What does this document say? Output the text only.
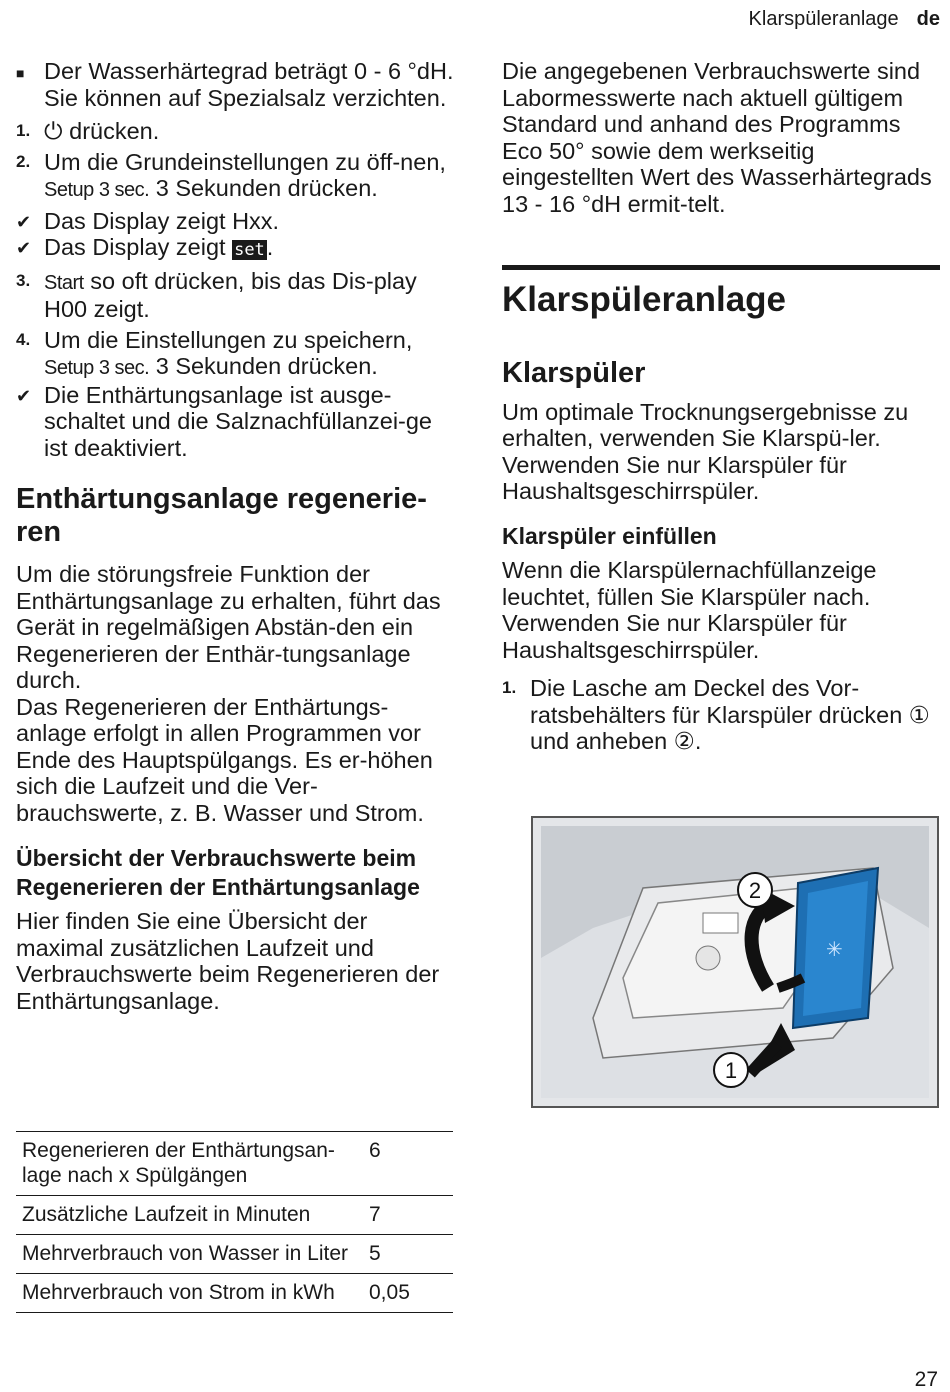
Klarspüleranlage de
■ Der Wasserhärtegrad beträgt 0 - 6 °dH. Sie können auf Spezialsalz verzichten.
1. ⏻ drücken.
2. Um die Grundeinstellungen zu öff-nen, Setup 3 sec. 3 Sekunden drücken.
✔ Das Display zeigt Hxx.
✔ Das Display zeigt set.
3. Start so oft drücken, bis das Dis-play H00 zeigt.
4. Um die Einstellungen zu speichern, Setup 3 sec. 3 Sekunden drücken.
✔ Die Enthärtungsanlage ist ausge-schaltet und die Salznachfüllanzei-ge ist deaktiviert.
Enthärtungsanlage regenerie-ren
Um die störungsfreie Funktion der Enthärtungsanlage zu erhalten, führt das Gerät in regelmäßigen Abstän-den ein Regenerieren der Enthär-tungsanlage durch.
Das Regenerieren der Enthärtungs-anlage erfolgt in allen Programmen vor Ende des Hauptspülgangs. Es er-höhen sich die Laufzeit und die Ver-brauchswerte, z. B. Wasser und Strom.
Übersicht der Verbrauchswerte beim Regenerieren der Enthärtungsanlage
Hier finden Sie eine Übersicht der maximal zusätzlichen Laufzeit und Verbrauchswerte beim Regenerieren der Enthärtungsanlage.
Regenerieren der Enthärtungsan-lage nach x Spülgängen	6
Zusätzliche Laufzeit in Minuten	7
Mehrverbrauch von Wasser in Liter	5
Mehrverbrauch von Strom in kWh	0,05
Die angegebenen Verbrauchswerte sind Labormesswerte nach aktuell gültigem Standard und anhand des Programms Eco 50° sowie dem werkseitig eingestellten Wert des Wasserhärtegrads 13 - 16 °dH ermit-telt.
Klarspüleranlage
Klarspüler
Um optimale Trocknungsergebnisse zu erhalten, verwenden Sie Klarspü-ler.
Verwenden Sie nur Klarspüler für Haushaltsgeschirrspüler.
Klarspüler einfüllen
Wenn die Klarspülernachfüllanzeige leuchtet, füllen Sie Klarspüler nach.
Verwenden Sie nur Klarspüler für Haushaltsgeschirrspüler.
1. Die Lasche am Deckel des Vor-ratsbehälters für Klarspüler drücken ① und anheben ②.
✳
1
2
27
